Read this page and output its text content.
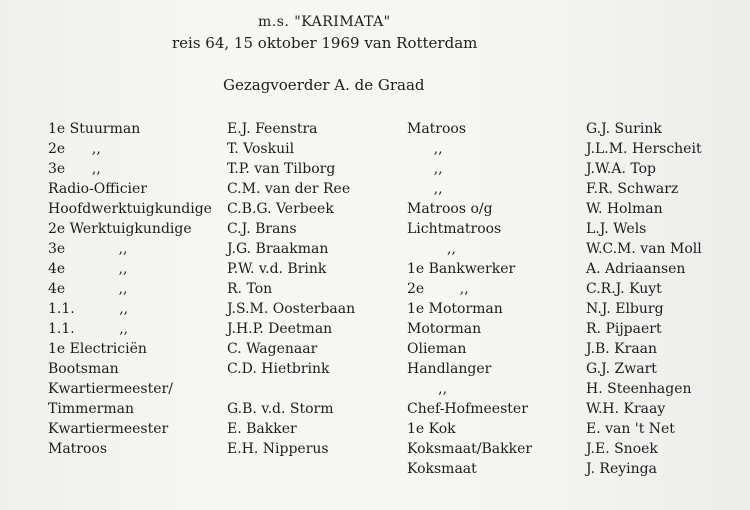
m.s. "KARIMATA"
reis 64, 15 oktober 1969 van Rotterdam
Gezagvoerder A. de Graad
1e Stuurman
2e      ,,
3e      ,,
Radio-Officier
Hoofdwerktuigkundige
2e Werktuigkundige
3e            ,,
4e            ,,
4e            ,,
1.1.          ,,
1.1.          ,,
1e Electriciën
Bootsman
Kwartiermeester/
Timmerman
Kwartiermeester
Matroos
E.J. Feenstra
T. Voskuil
T.P. van Tilborg
C.M. van der Ree
C.B.G. Verbeek
C.J. Brans
J.G. Braakman
P.W. v.d. Brink
R. Ton
J.S.M. Oosterbaan
J.H.P. Deetman
C. Wagenaar
C.D. Hietbrink
G.B. v.d. Storm
E. Bakker
E.H. Nipperus
Matroos
,,
,,
,,
Matroos o/g
Lichtmatroos
,,
1e Bankwerker
2e        ,,
1e Motorman
Motorman
Olieman
Handlanger
,,
Chef-Hofmeester
1e Kok
Koksmaat/Bakker
Koksmaat
G.J. Surink
J.L.M. Herscheit
J.W.A. Top
F.R. Schwarz
W. Holman
L.J. Wels
W.C.M. van Moll
A. Adriaansen
C.R.J. Kuyt
N.J. Elburg
R. Pijpaert
J.B. Kraan
G.J. Zwart
H. Steenhagen
W.H. Kraay
E. van 't Net
J.E. Snoek
J. Reyinga
